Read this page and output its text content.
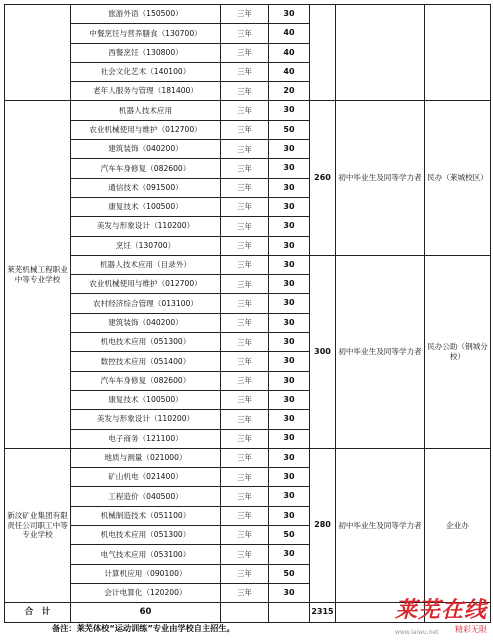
	旅游外语（150500）	三年	30			
	中餐烹饪与营养膳食（130700）	三年	40			
	西餐烹饪（130800）	三年	40			
	社会文化艺术（140100）	三年	40			
	老年人服务与管理（181400）	三年	20			
莱芜机械工程职业中等专业学校	机器人技术应用	三年	30	260	初中毕业生及同等学力者	民办（莱城校区）
	农业机械使用与维护（012700）	三年	50			
	建筑装饰（040200）	三年	30			
	汽车车身修复（082600）	三年	30			
	通信技术（091500）	三年	30			
	康复技术（100500）	三年	30			
	美发与形象设计（110200）	三年	30			
	烹饪（130700）	三年	30			
	机器人技术应用（目录外）	三年	30	300	初中毕业生及同等学力者	民办公助（钢城分校）
	农业机械使用与维护（012700）	三年	30			
	农村经济综合管理（013100）	三年	30			
	建筑装饰（040200）	三年	30			
	机电技术应用（051300）	三年	30			
	数控技术应用（051400）	三年	30			
	汽车车身修复（082600）	三年	30			
	康复技术（100500）	三年	30			
	美发与形象设计（110200）	三年	30			
	电子商务（121100）	三年	30			
新汶矿业集团有限责任公司职工中等专业学校	地质与测量（021000）	三年	30	280	初中毕业生及同等学力者	企业办
	矿山机电（021400）	三年	30			
	工程造价（040500）	三年	30			
	机械制造技术（051100）	三年	30			
	机电技术应用（051300）	三年	50			
	电气技术应用（053100）	三年	30			
	计算机应用（090100）	三年	50			
	会计电算化（120200）	三年	30			
合　计	60			2315		
备注：莱芜体校“运动训练”专业由学校自主招生。
莱芜在线
精彩无限
www.laiwu.net
